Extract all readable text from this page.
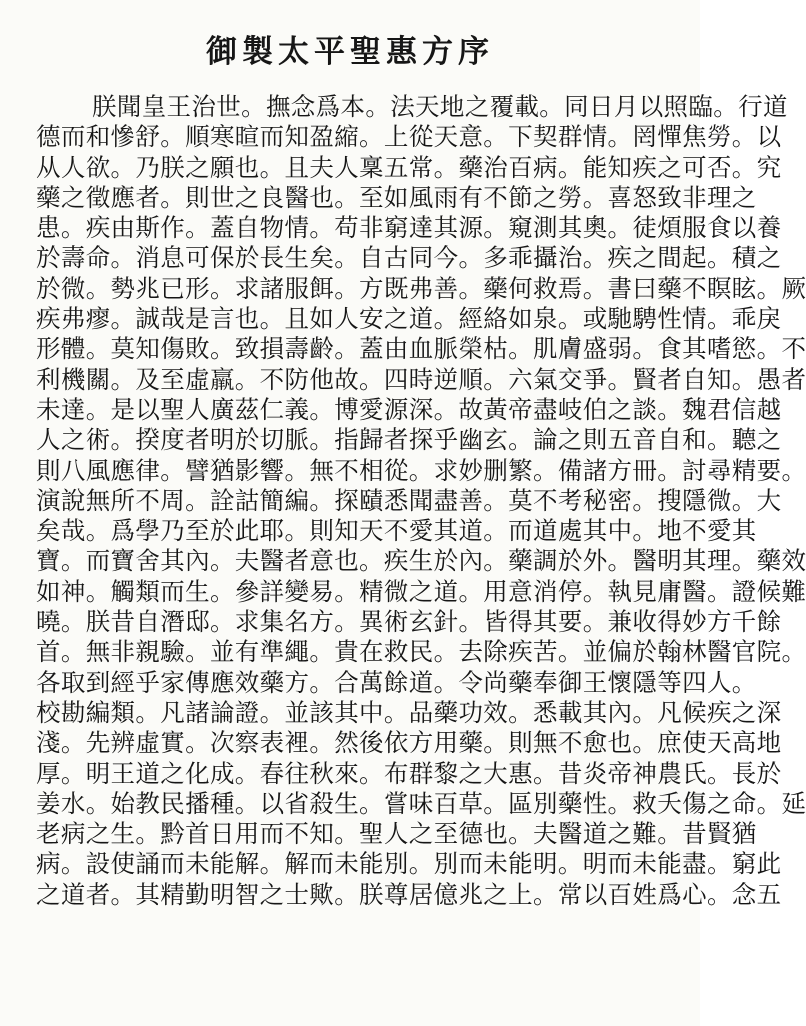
御製太平聖惠方序
朕聞皇王治世。撫念爲本。法天地之覆載。同日月以照臨。行道
德而和慘舒。順寒暄而知盈縮。上從天意。下契群情。罔憚焦勞。以
从人欲。乃朕之願也。且夫人稟五常。藥治百病。能知疾之可否。究
藥之徵應者。則世之良醫也。至如風雨有不節之勞。喜怒致非理之
患。疾由斯作。蓋自物情。苟非窮達其源。窺測其奧。徒煩服食以養
於壽命。消息可保於長生矣。自古同今。多乖攝治。疾之間起。積之
於微。勢兆已形。求諸服餌。方既弗善。藥何救焉。書曰藥不瞑眩。厥
疾弗瘳。誠哉是言也。且如人安之道。經絡如泉。或馳騁性情。乖戾
形體。莫知傷敗。致損壽齡。蓋由血脈榮枯。肌膚盛弱。食其嗜慾。不
利機關。及至虛羸。不防他故。四時逆順。六氣交爭。賢者自知。愚者
未達。是以聖人廣茲仁義。博愛源深。故黃帝盡岐伯之談。魏君信越
人之術。揆度者明於切脈。指歸者探乎幽玄。論之則五音自和。聽之
則八風應律。譬猶影響。無不相從。求妙删繁。備諸方冊。討尋精要。
演說無所不周。詮詁簡編。探賾悉聞盡善。莫不考秘密。搜隱微。大
矣哉。爲學乃至於此耶。則知天不愛其道。而道處其中。地不愛其
寶。而寶舍其內。夫醫者意也。疾生於內。藥調於外。醫明其理。藥效
如神。觸類而生。參詳變易。精微之道。用意消停。執見庸醫。證候難
曉。朕昔自潛邸。求集名方。異術玄針。皆得其要。兼收得妙方千餘
首。無非親驗。並有準繩。貴在救民。去除疾苦。並偏於翰林醫官院。
各取到經乎家傳應效藥方。合萬餘道。令尚藥奉御王懷隱等四人。
校勘編類。凡諸論證。並該其中。品藥功效。悉載其內。凡候疾之深
淺。先辨虛實。次察表裡。然後依方用藥。則無不愈也。庶使天高地
厚。明王道之化成。春往秋來。布群黎之大惠。昔炎帝神農氏。長於
姜水。始教民播種。以省殺生。嘗味百草。區別藥性。救夭傷之命。延
老病之生。黔首日用而不知。聖人之至德也。夫醫道之難。昔賢猶
病。設使誦而未能解。解而未能別。別而未能明。明而未能盡。窮此
之道者。其精勤明智之士歟。朕尊居億兆之上。常以百姓爲心。念五
